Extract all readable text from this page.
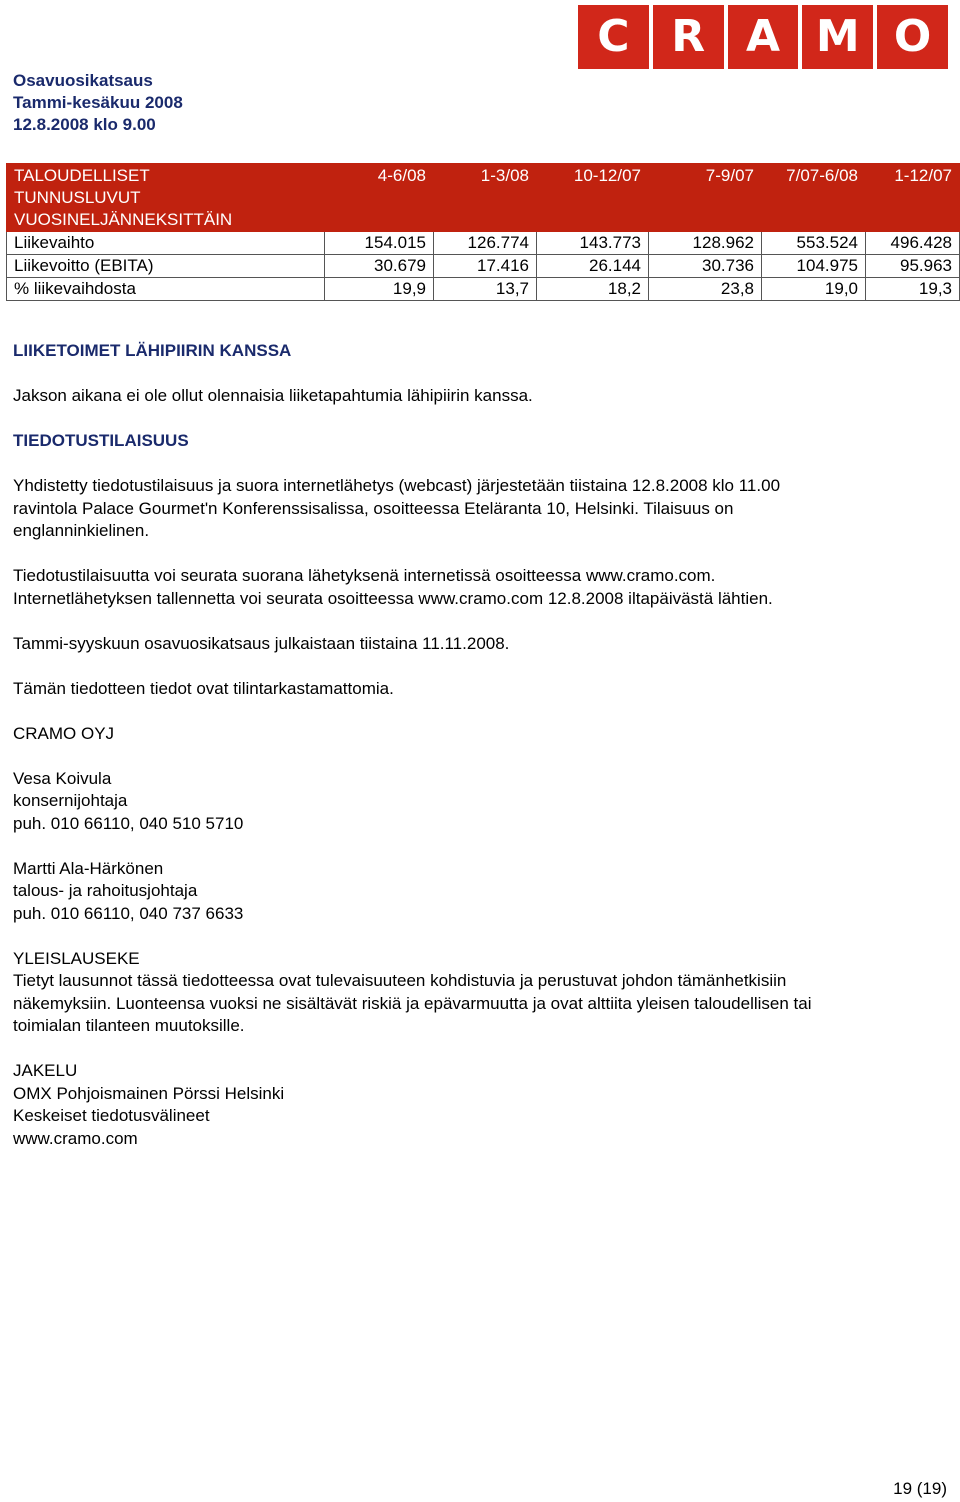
C R A M O
Osavuosikatsaus
Tammi-kesäkuu 2008
12.8.2008 klo 9.00
TALOUDELLISET
TUNNUSLUVUT
VUOSINELJÄNNEKSITTÄIN	4-6/08	1-3/08	10-12/07	7-9/07	7/07-6/08	1-12/07
Liikevaihto	154.015	126.774	143.773	128.962	553.524	496.428
Liikevoitto (EBITA)	30.679	17.416	26.144	30.736	104.975	95.963
% liikevaihdosta	19,9	13,7	18,2	23,8	19,0	19,3

LIIKETOIMET LÄHIPIIRIN KANSSA

Jakson aikana ei ole ollut olennaisia liiketapahtumia lähipiirin kanssa.

TIEDOTUSTILAISUUS

Yhdistetty tiedotustilaisuus ja suora internetlähetys (webcast) järjestetään tiistaina 12.8.2008 klo 11.00

ravintola Palace Gourmet'n Konferenssisalissa, osoitteessa Eteläranta 10, Helsinki. Tilaisuus on

englanninkielinen.

Tiedotustilaisuutta voi seurata suorana lähetyksenä internetissä osoitteessa www.cramo.com.

Internetlähetyksen tallennetta voi seurata osoitteessa www.cramo.com 12.8.2008 iltapäivästä lähtien.

Tammi-syyskuun osavuosikatsaus julkaistaan tiistaina 11.11.2008.

Tämän tiedotteen tiedot ovat tilintarkastamattomia.

CRAMO OYJ

Vesa Koivula

konsernijohtaja

puh. 010 66110, 040 510 5710

Martti Ala-Härkönen

talous- ja rahoitusjohtaja

puh. 010 66110, 040 737 6633

YLEISLAUSEKE

Tietyt lausunnot tässä tiedotteessa ovat tulevaisuuteen kohdistuvia ja perustuvat johdon tämänhetkisiin

näkemyksiin. Luonteensa vuoksi ne sisältävät riskiä ja epävarmuutta ja ovat alttiita yleisen taloudellisen tai

toimialan tilanteen muutoksille.

JAKELU

OMX Pohjoismainen Pörssi Helsinki

Keskeiset tiedotusvälineet

www.cramo.com

19 (19)
